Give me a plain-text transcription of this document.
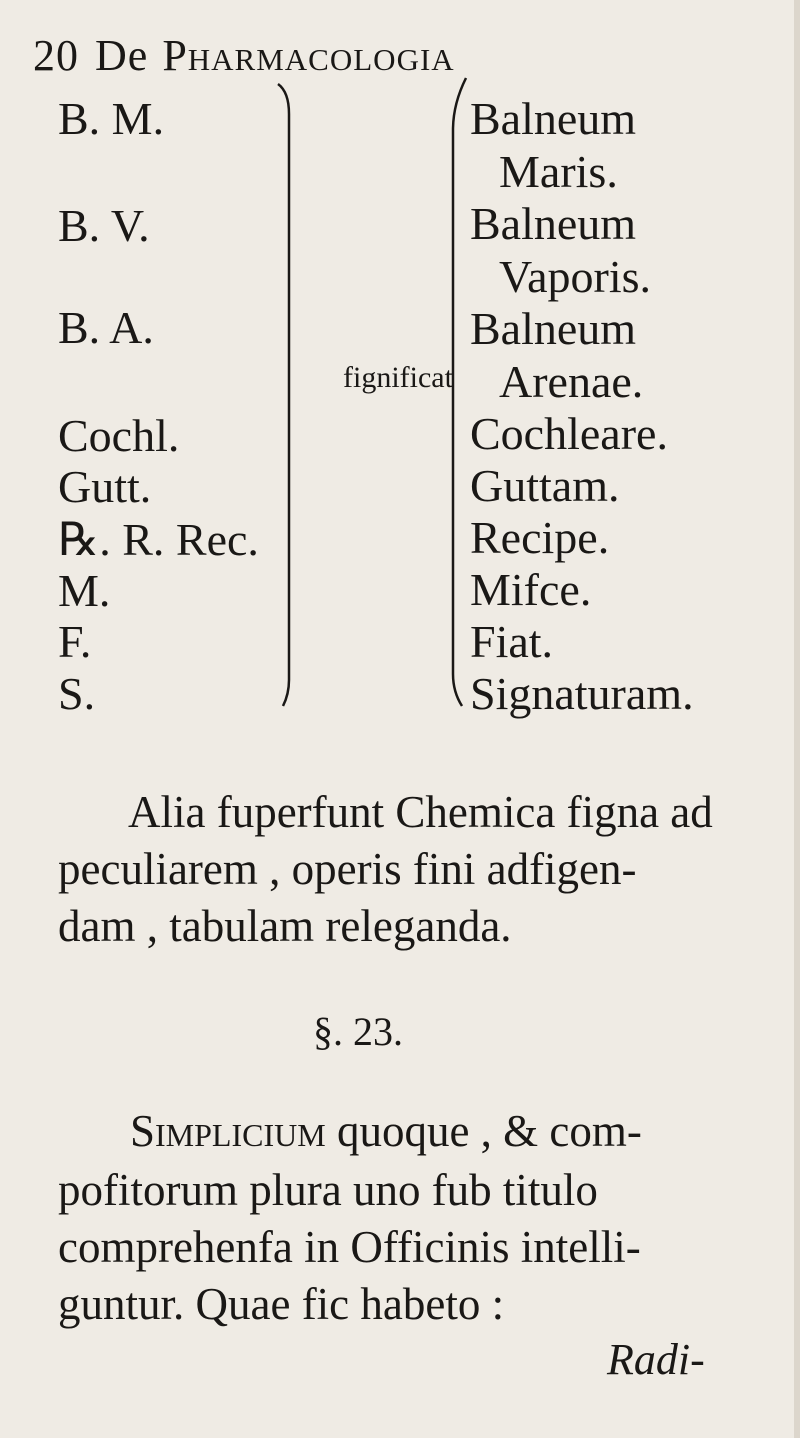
20 De Pharmacologia
B. M.
B. V.
B. A.
Cochl.
Gutt.
℞. R. Rec.
M.
F.
S.
fignificat
Balneum
Maris.
Balneum
Vaporis.
Balneum
Arenae.
Cochleare.
Guttam.
Recipe.
Mifce.
Fiat.
Signaturam.
Alia fuperfunt Chemica figna ad
peculiarem , operis fini adfigen-
dam , tabulam releganda.
§. 23.
Simplicium quoque , & com-
pofitorum plura uno fub titulo
comprehenfa in Officinis intelli-
guntur. Quae fic habeto :
Radi-
